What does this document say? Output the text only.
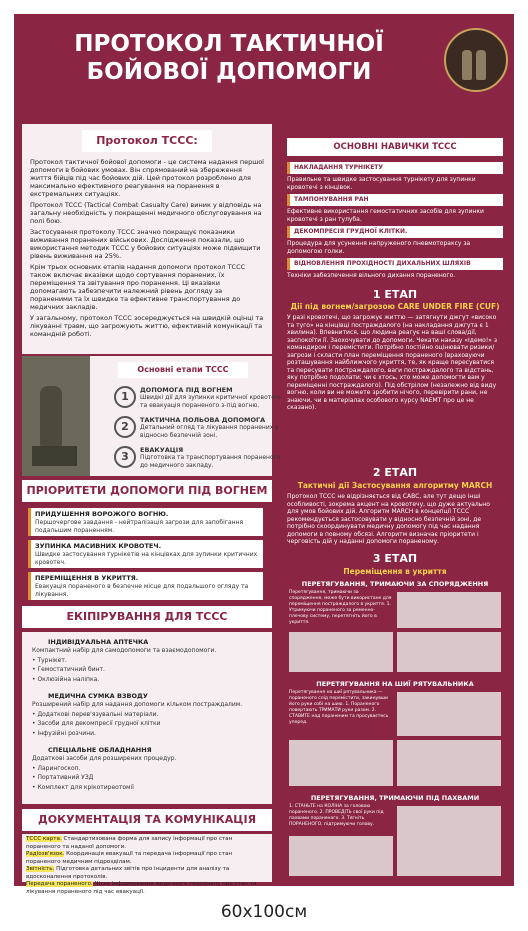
ПРОТОКОЛ ТАКТИЧНОЇ
БОЙОВОЇ ДОПОМОГИ
Протокол ТССС:
Протокол тактичної бойової допомоги - це система надання першої допомоги в бойових умовах. Він спрямований на збереження життя бійців під час бойових дій. Цей протокол розроблено для максимально ефективного реагування на поранення в екстремальних ситуаціях.
Протокол TCCC (Tactical Combat Casualty Care) виник у відповідь на загальну необхідність у покращенні медичного обслуговування на полі бою.
Застосування протоколу ТССС значно покращує показники виживання поранених військових. Дослідження показали, що використання методик ТССС у бойових ситуаціях може підвищити рівень виживання на 25%.
Крім трьох основних етапів надання допомоги протокол ТССС також включає вказівки щодо сортування поранених, їх переміщення та звітування про поранення. Ці вказівки допомагають забезпечити належний рівень догляду за пораненими та їх швидке та ефективне транспортування до медичних закладів.
У загальному, протокол ТССС зосереджується на швидкій оцінці та лікуванні травм, що загрожують життю, ефективній комунікації та командній роботі.
Основні етапи ТССС
1	ДОПОМОГА ПІД ВОГНЕМ
Швидкі дії для зупинки критичної кровотечі та евакуація пораненого з-під вогню.
2	ТАКТИЧНА ПОЛЬОВА ДОПОМОГА
Детальний огляд та лікування поранених у відносно безпечній зоні.
3	ЕВАКУАЦІЯ
Підготовка та транспортування пораненого до медичного закладу.
ПРІОРИТЕТИ ДОПОМОГИ ПІД ВОГНЕМ
ПРИДУШЕННЯ ВОРОЖОГО ВОГНЮ.
Першочергове завдання - нейтралізація загрози для запобігання подальшим пораненням.
ЗУПИНКА МАСИВНИХ КРОВОТЕЧ.
Швидке застосування турнікетів на кінцівках для зупинки критичних кровотеч.
ПЕРЕМІЩЕННЯ В УКРИТТЯ.
Евакуація пораненого в безпечне місце для подальшого огляду та лікування.
ЕКІПІРУВАННЯ ДЛЯ ТССС
ІНДИВІДУАЛЬНА АПТЕЧКА
Компактний набір для самодопомоги та взаємодопомоги.
• Турнікет.
• Гемостатичний бинт.
• Оклюзійна наліпка.
МЕДИЧНА СУМКА ВЗВОДУ
Розширений набір для надання допомоги кільком постраждалим.
• Додаткові перев'язувальні матеріали.
• Засоби для декомпресії грудної клітки
• Інфузійні розчини.
СПЕЦІАЛЬНЕ ОБЛАДНАННЯ
Додаткові засоби для розширених процедур.
• Ларингоскоп.
• Портативний УЗД
• Комплект для крікотиреотомії
ДОКУМЕНТАЦІЯ ТА КОМУНІКАЦІЯ
ТССС карта. Стандартизована форма для запису інформації про стан пораненого та наданої допомоги.
Радіозв'язок. Координація евакуації та передача інформації про стан пораненого медичним підрозділам.
Звітність. Підготовка детальних звітів про інциденти для аналізу та вдосконалення протоколів.
Передача пораненого. Чітке інформування медичного персоналу про стан та лікування пораненого під час евакуації.
ОСНОВНІ НАВИЧКИ ТССС
НАКЛАДАННЯ ТУРНІКЕТУ
Правильне та швидке застосування турнікету для зупинки кровотечі з кінцівок.
ТАМПОНУВАННЯ РАН
Ефективне використання гемостатичних засобів для зупинки кровотечі з ран тулуба.
ДЕКОМПРЕСІЯ ГРУДНОЇ КЛІТКИ.
Процедура для усунення напруженого пневмотораксу за допомогою голки.
ВІДНОВЛЕННЯ ПРОХІДНОСТІ ДИХАЛЬНИХ ШЛЯХІВ
Техніки забезпечення вільного дихання пораненого.
1 ЕТАП
Дії під вогнем/загрозою CARE UNDER FIRE (CUF)
У разі кровотечі, що загрожує життю — затягнути джгут «високо та туго» на кінцівці постраждалого (на накладання джгута є 1 хвилина). Впевнитися, що людина реагує на ваші слова/дії, заспокоїти її. Заохочувати до допомоги. Чекати наказу «Ідемо!» з командиром і перемістити. Потрібно постійно оцінювати ризики/загрози і скласти план переміщення пораненого (враховуючи розташування найближчого укриття, те, як краще пересуватися та пересувати постраждалого, ваги постраждалого та відстань, яку потрібно подолати; чи є хтось, хто може допомогти вам у переміщенні постраждалого). Під обстрілом (незалежно від виду вогню, коли ви не можете зробити нічого, перевірити рани, не знаючи, чи в матеріалах особового курсу NAEMT про це не сказано).
2 ЕТАП
Тактичні дії Застосування алгоритму MARCH
Протокол ТССС не відрізняється від CABC, але тут дещо інші особливості, зокрема акцент на кровотечу, що дуже актуально для умов бойових дій. Алгоритм MARCH в концепції ТССС рекомендується застосовувати у відносно безпечній зоні, де потрібно скоординувати медичну допомогу під час надання допомоги в повному обсязі. Алгоритм визначає пріоритети і черговість дій у наданні допомоги пораненому.
3 ЕТАП
Переміщення в укриття
ПЕРЕТЯГУВАННЯ, ТРИМАЮЧИ ЗА СПОРЯДЖЕННЯ
Перетягування, тримаючи за спорядження, може бути використане для переміщення постраждалого в укриття. 1. Утримуючи пораненого за ременно-плечову систему, перетягніть його в укриття.
ПЕРЕТЯГУВАННЯ НА ШИЇ РЯТУВАЛЬНИКА
Перетягування на шиї рятувальника — пораненого слід перемістити, закинувши його руки собі на шию. 1. Пораненого повертають ТРИМАТИ руки разом. 2. СТАВИТЕ над пораненим та просуваєтесь уперед.
ПЕРЕТЯГУВАННЯ, ТРИМАЮЧИ ПІД ПАХВАМИ
1. СТАНЬТЕ на КОЛІНА за головою пораненого. 2. ПРОВЕДІТЬ свої руки під пахвами пораненого. 3. Тягніть ПОРАНЕНОГО, підтримуючи голову.
60х100см
